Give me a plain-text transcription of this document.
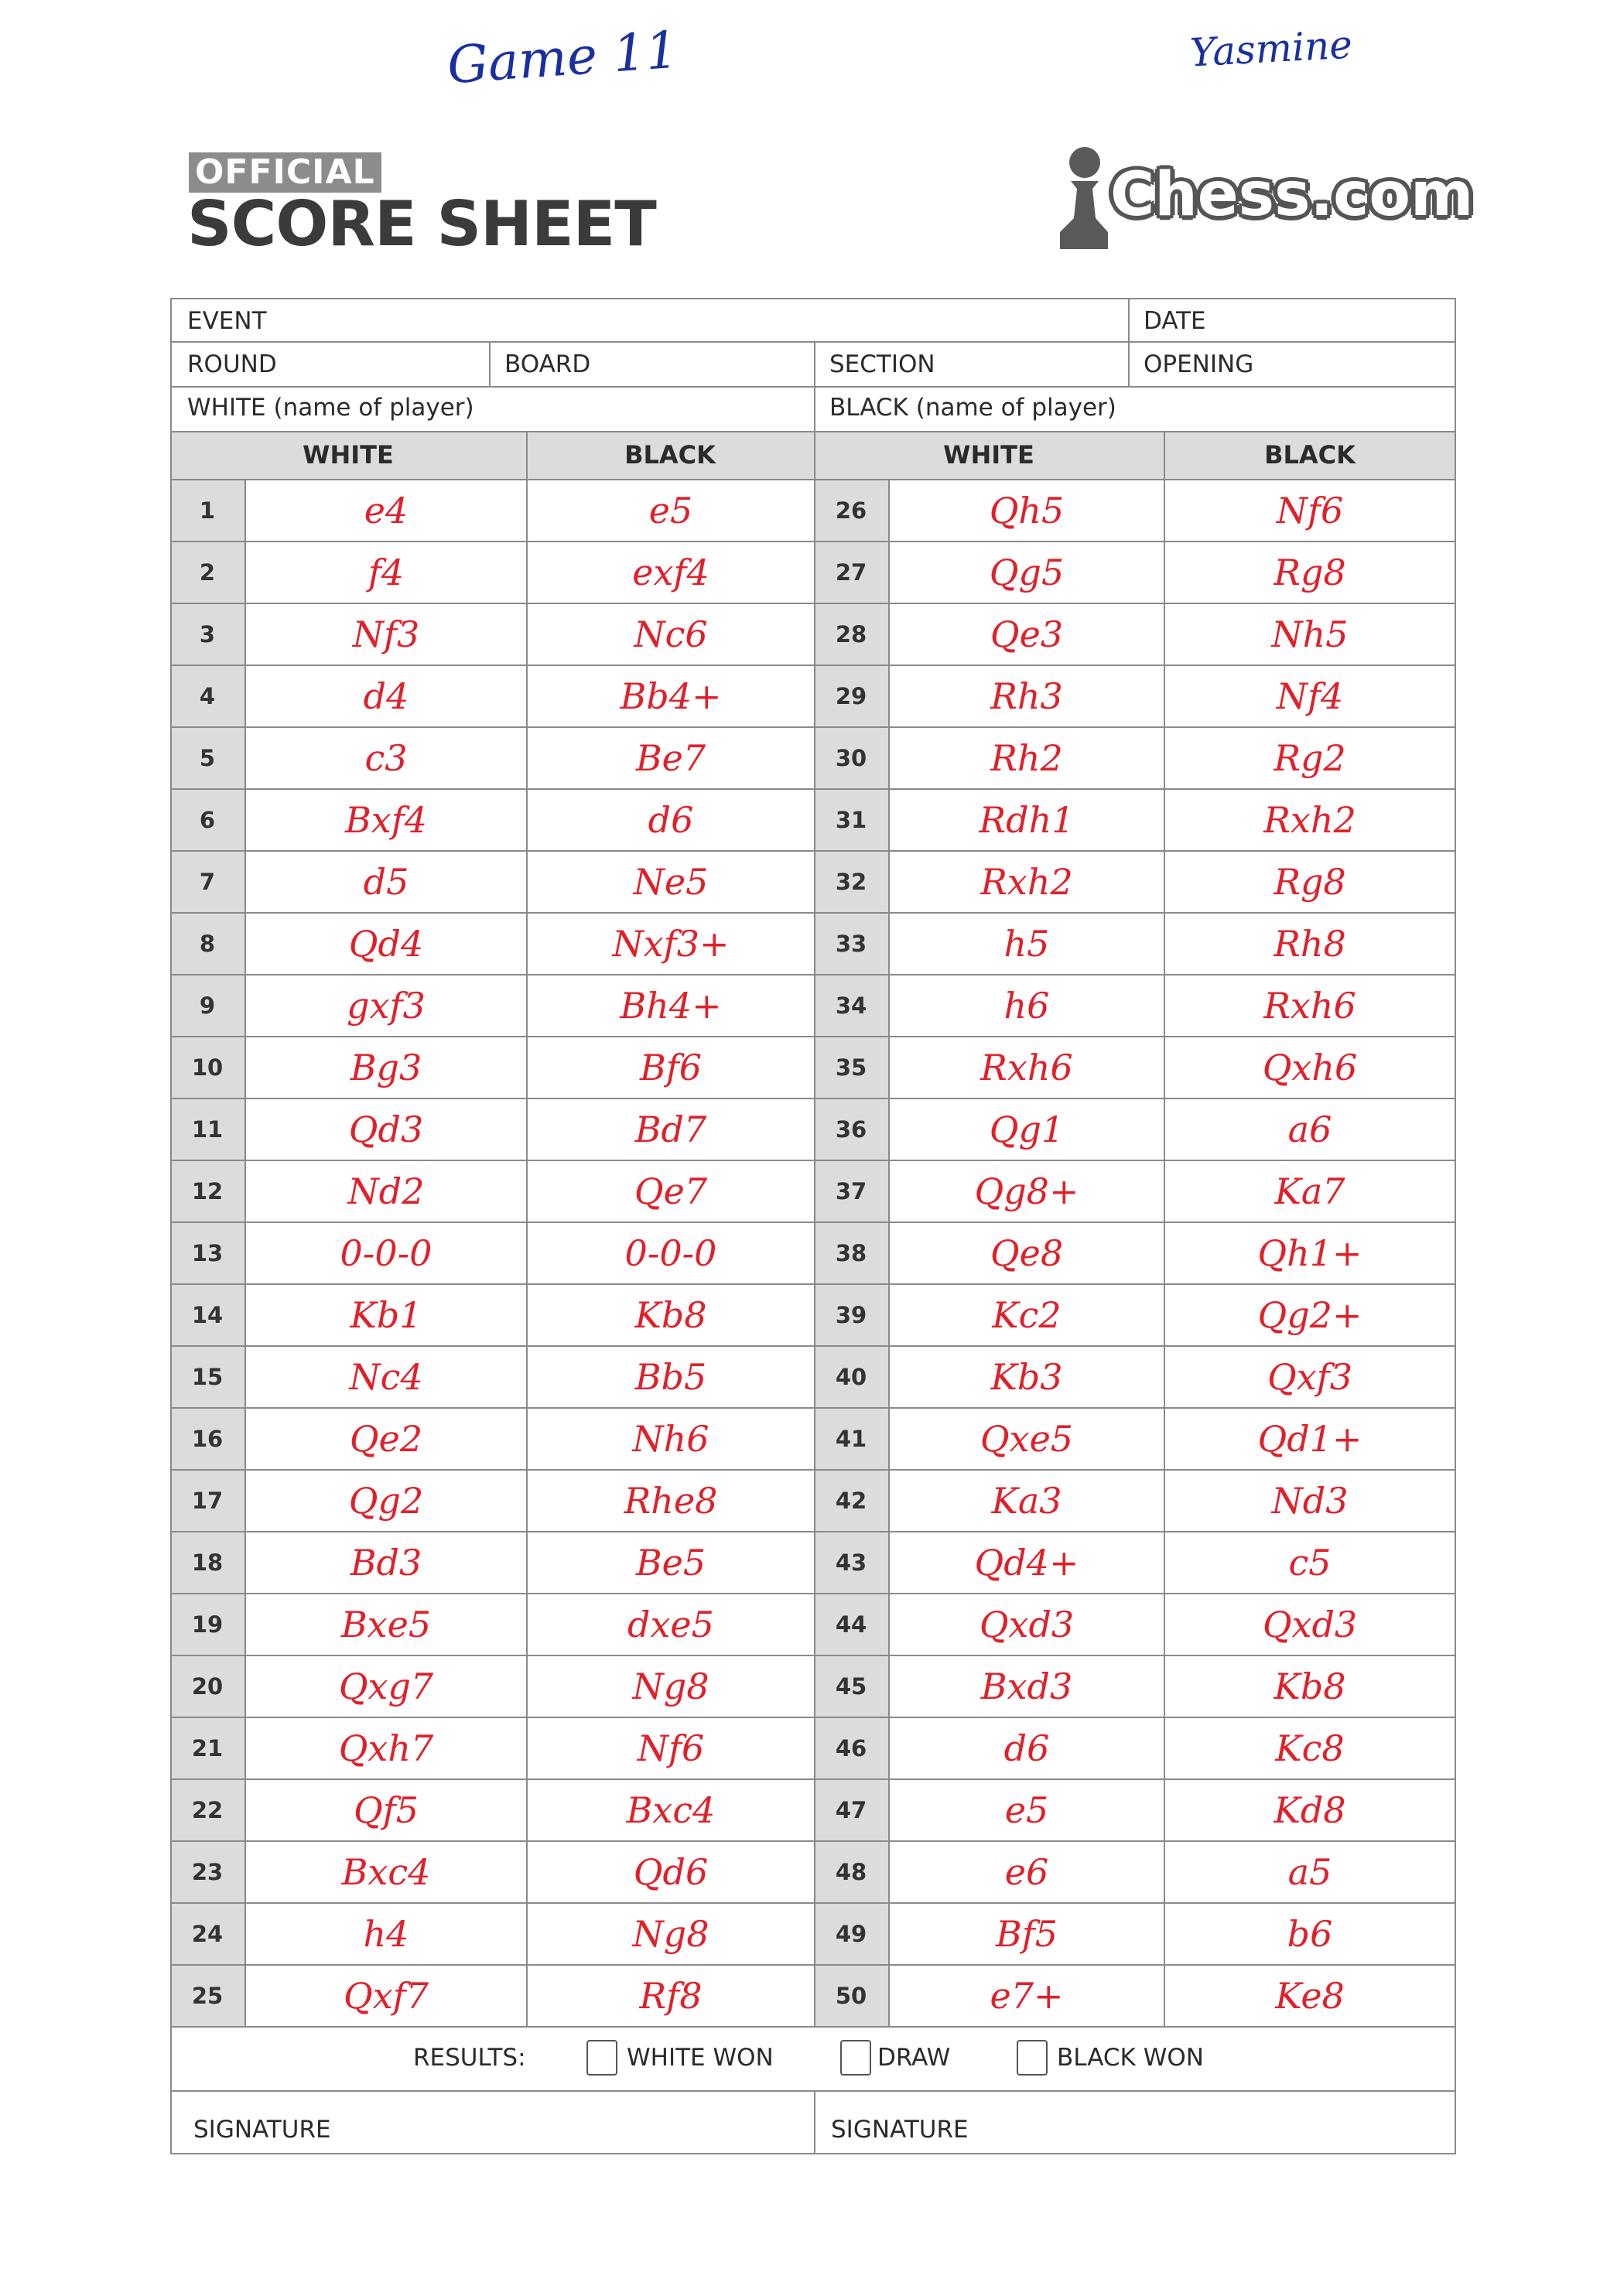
Game 11	Yasmine
OFFICIAL
SCORE SHEET	Chess.com
EVENT	DATE
ROUND	BOARD	SECTION	OPENING
WHITE (name of player)	BLACK (name of player)
WHITE	BLACK	WHITE	BLACK
1	e4	e5
2	f4	exf4
3	Nf3	Nc6
4	d4	Bb4+
5	c3	Be7
6	Bxf4	d6
7	d5	Ne5
8	Qd4	Nxf3+
9	gxf3	Bh4+
10	Bg3	Bf6
11	Qd3	Bd7
12	Nd2	Qe7
13	0-0-0	0-0-0
14	Kb1	Kb8
15	Nc4	Bb5
16	Qe2	Nh6
17	Qg2	Rhe8
18	Bd3	Be5
19	Bxe5	dxe5
20	Qxg7	Ng8
21	Qxh7	Nf6
22	Qf5	Bxc4
23	Bxc4	Qd6
24	h4	Ng8
25	Qxf7	Rf8
26	Qh5	Nf6
27	Qg5	Rg8
28	Qe3	Nh5
29	Rh3	Nf4
30	Rh2	Rg2
31	Rdh1	Rxh2
32	Rxh2	Rg8
33	h5	Rh8
34	h6	Rxh6
35	Rxh6	Qxh6
36	Qg1	a6
37	Qg8+	Ka7
38	Qe8	Qh1+
39	Kc2	Qg2+
40	Kb3	Qxf3
41	Qxe5	Qd1+
42	Ka3	Nd3
43	Qd4+	c5
44	Qxd3	Qxd3
45	Bxd3	Kb8
46	d6	Kc8
47	e5	Kd8
48	e6	a5
49	Bf5	b6
50	e7+	Ke8
RESULTS:	WHITE WON	DRAW	BLACK WON
SIGNATURE	SIGNATURE
